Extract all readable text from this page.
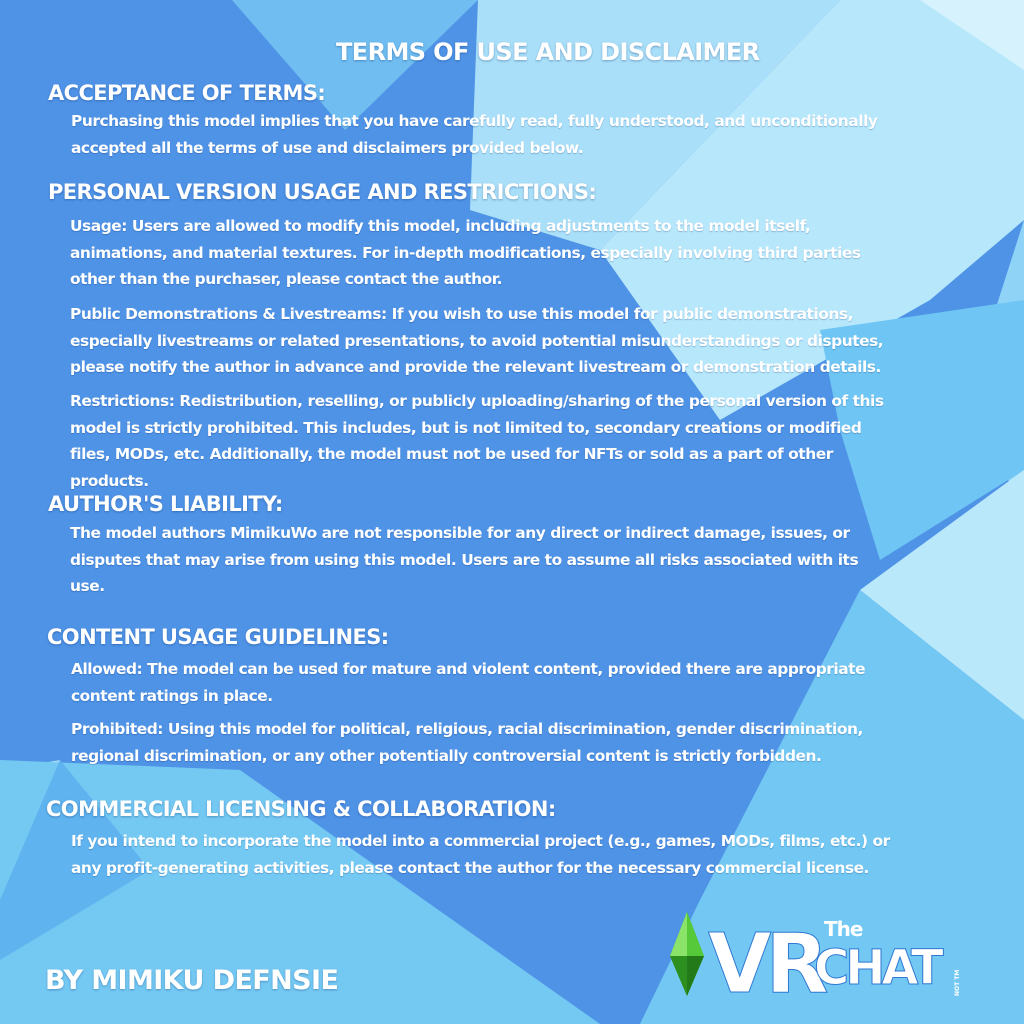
TERMS OF USE AND DISCLAIMER
ACCEPTANCE OF TERMS:
Purchasing this model implies that you have carefully read, fully understood, and unconditionally accepted all the terms of use and disclaimers provided below.
PERSONAL VERSION USAGE AND RESTRICTIONS:
Usage: Users are allowed to modify this model, including adjustments to the model itself, animations, and material textures. For in-depth modifications, especially involving third parties other than the purchaser, please contact the author.
Public Demonstrations & Livestreams: If you wish to use this model for public demonstrations, especially livestreams or related presentations, to avoid potential misunderstandings or disputes, please notify the author in advance and provide the relevant livestream or demonstration details.
Restrictions: Redistribution, reselling, or publicly uploading/sharing of the personal version of this model is strictly prohibited. This includes, but is not limited to, secondary creations or modified files, MODs, etc. Additionally, the model must not be used for NFTs or sold as a part of other products.
AUTHOR'S LIABILITY:
The model authors MimikuWo are not responsible for any direct or indirect damage, issues, or disputes that may arise from using this model. Users are to assume all risks associated with its use.
CONTENT USAGE GUIDELINES:
Allowed: The model can be used for mature and violent content, provided there are appropriate content ratings in place.
Prohibited: Using this model for political, religious, racial discrimination, gender discrimination, regional discrimination, or any other potentially controversial content is strictly forbidden.
COMMERCIAL LICENSING & COLLABORATION:
If you intend to incorporate the model into a commercial project (e.g., games, MODs, films, etc.) or any profit-generating activities, please contact the author for the necessary commercial license.
BY MIMIKU DEFNSIE	VR The
CHAT	NOT TM
